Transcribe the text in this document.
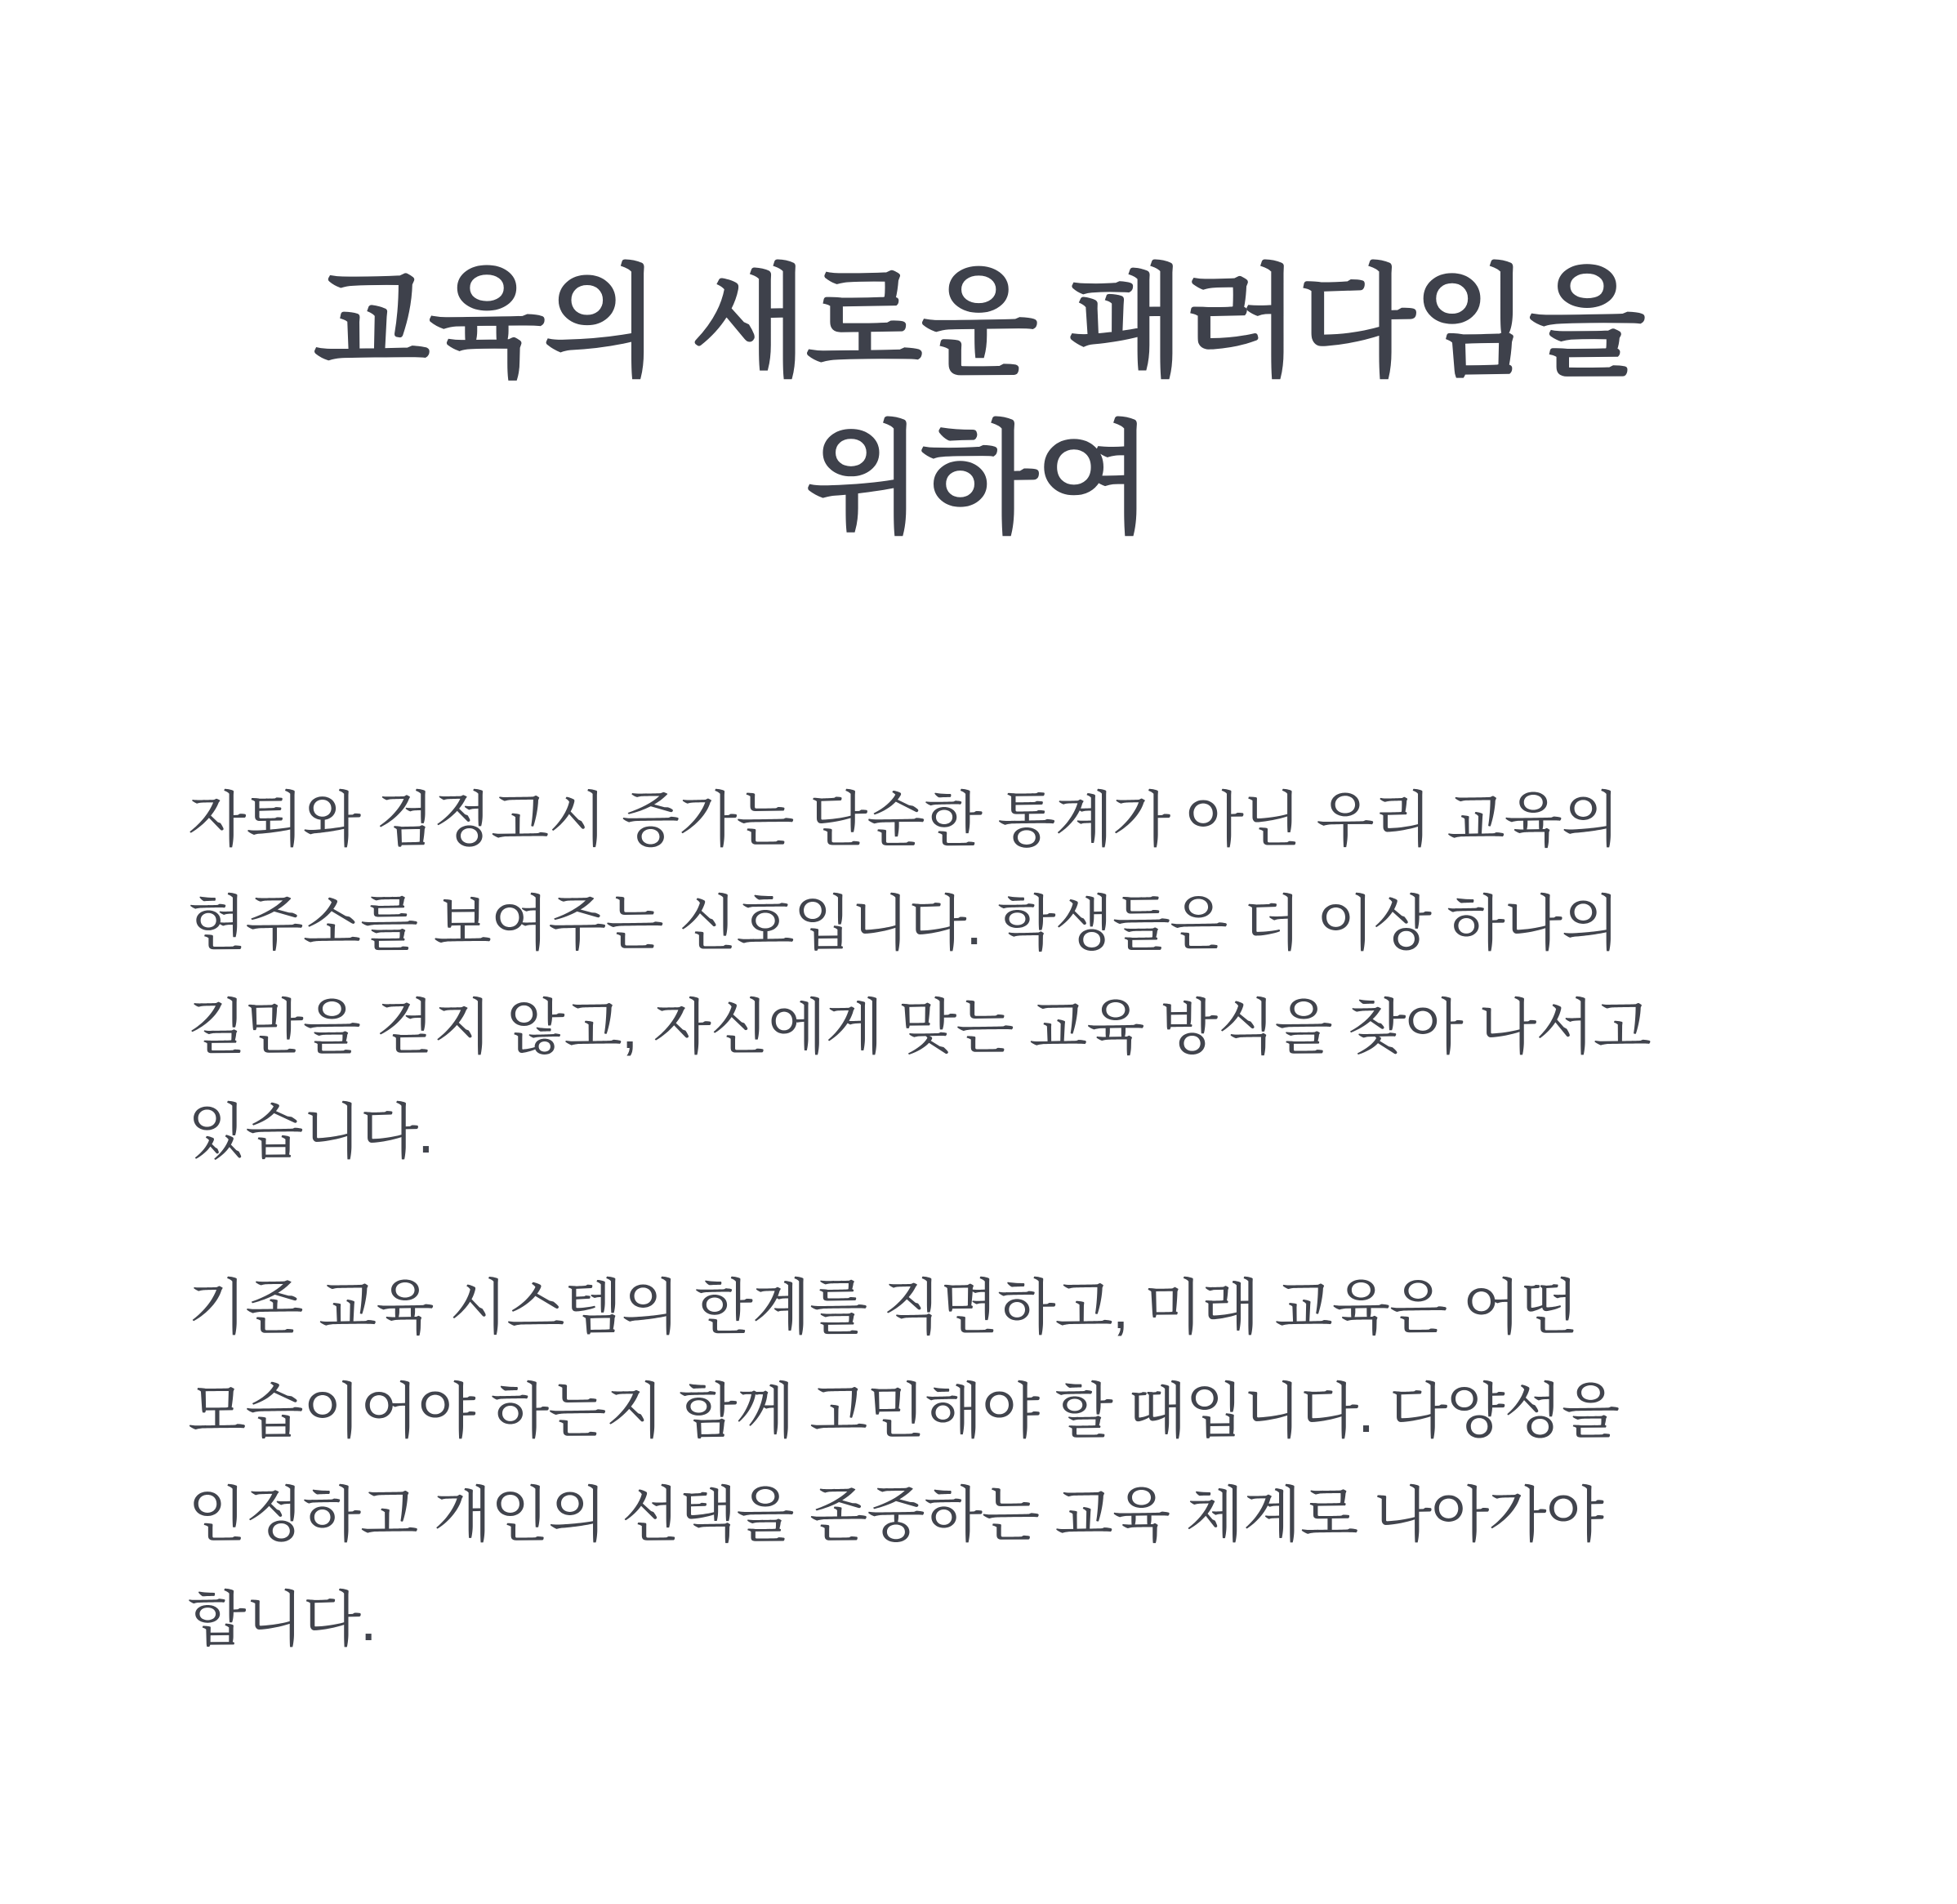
교육의 새로운 패러다임을 위하여

자퇴와 검정고시 증가는 단순한 통계가 아닌 우리 교육의 현주소를 보여주는 신호입니다. 학생들은 더 이상 하나의 길만을 걷지 않고, 자신에게 맞는 교육 방식을 찾아 나서고 있습니다.

기존 교육 시스템의 한계를 직면하고, 미래 교육은 어떤 모습이어야 하는지 함께 고민해야 할 때입니다. 다양성을 인정하고 개인의 선택을 존중하는 교육 체계로 나아가야 합니다.
